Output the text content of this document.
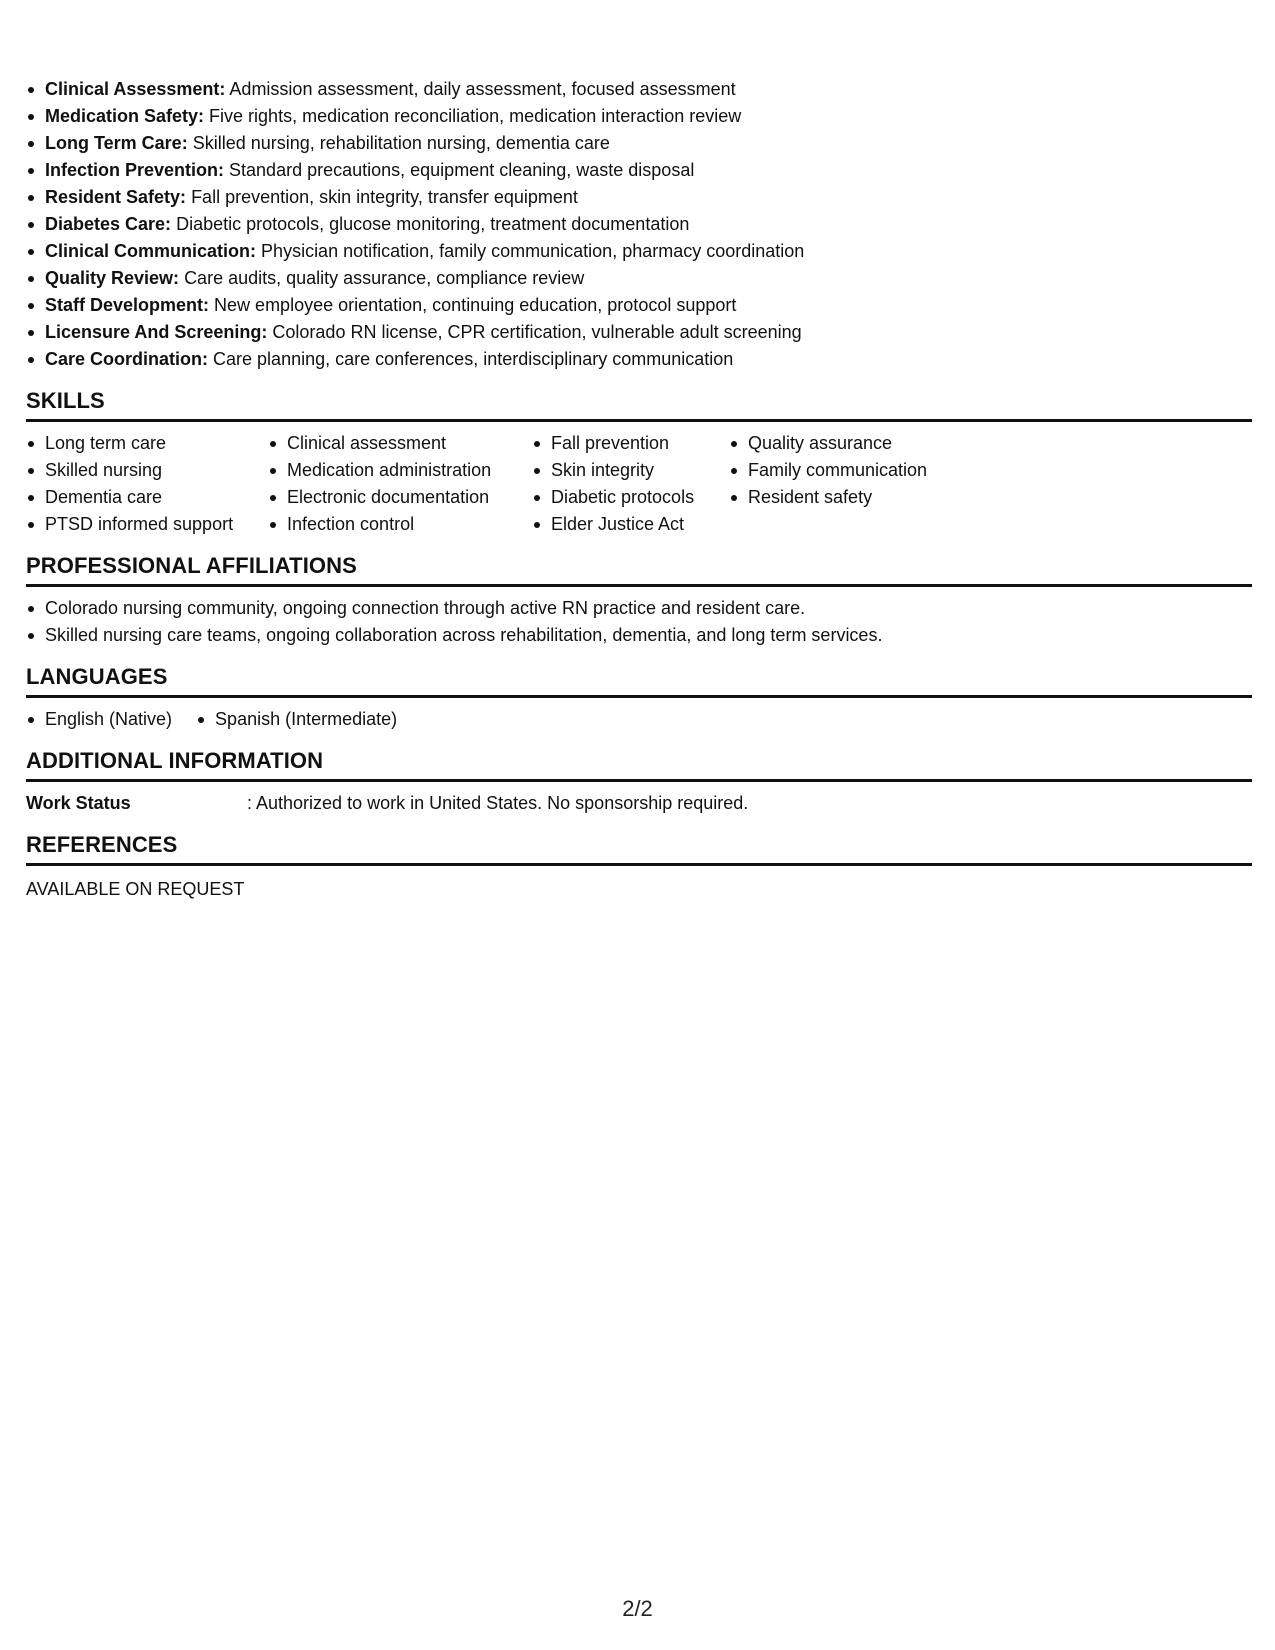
Clinical Assessment: Admission assessment, daily assessment, focused assessment
Medication Safety: Five rights, medication reconciliation, medication interaction review
Long Term Care: Skilled nursing, rehabilitation nursing, dementia care
Infection Prevention: Standard precautions, equipment cleaning, waste disposal
Resident Safety: Fall prevention, skin integrity, transfer equipment
Diabetes Care: Diabetic protocols, glucose monitoring, treatment documentation
Clinical Communication: Physician notification, family communication, pharmacy coordination
Quality Review: Care audits, quality assurance, compliance review
Staff Development: New employee orientation, continuing education, protocol support
Licensure And Screening: Colorado RN license, CPR certification, vulnerable adult screening
Care Coordination: Care planning, care conferences, interdisciplinary communication
SKILLS
Long term care
Skilled nursing
Dementia care
PTSD informed support
Clinical assessment
Medication administration
Electronic documentation
Infection control
Fall prevention
Skin integrity
Diabetic protocols
Elder Justice Act
Quality assurance
Family communication
Resident safety
PROFESSIONAL AFFILIATIONS
Colorado nursing community, ongoing connection through active RN practice and resident care.
Skilled nursing care teams, ongoing collaboration across rehabilitation, dementia, and long term services.
LANGUAGES
English (Native)	Spanish (Intermediate)
ADDITIONAL INFORMATION
Work Status	: Authorized to work in United States. No sponsorship required.
REFERENCES
AVAILABLE ON REQUEST
2/2
